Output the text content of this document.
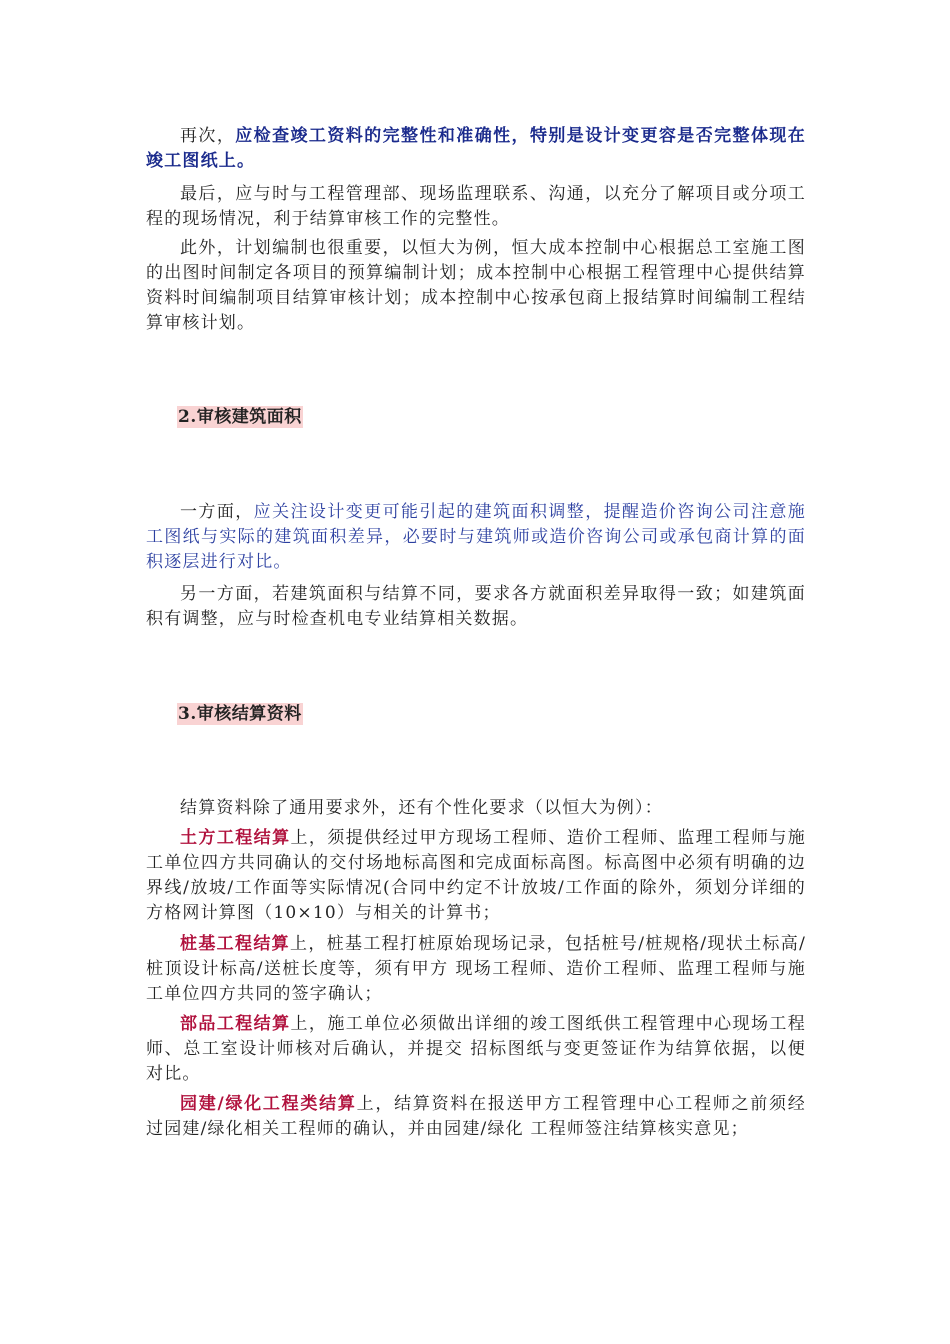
再次，应检查竣工资料的完整性和准确性，特别是设计变更容是否完整体现在竣工图纸上。

最后，应与时与工程管理部、现场监理联系、沟通，以充分了解项目或分项工程的现场情况，利于结算审核工作的完整性。

此外，计划编制也很重要，以恒大为例，恒大成本控制中心根据总工室施工图的出图时间制定各项目的预算编制计划；成本控制中心根据工程管理中心提供结算资料时间编制项目结算审核计划；成本控制中心按承包商上报结算时间编制工程结算审核计划。

2.审核建筑面积

一方面，应关注设计变更可能引起的建筑面积调整，提醒造价咨询公司注意施工图纸与实际的建筑面积差异，必要时与建筑师或造价咨询公司或承包商计算的面积逐层进行对比。

另一方面，若建筑面积与结算不同，要求各方就面积差异取得一致；如建筑面积有调整，应与时检查机电专业结算相关数据。

3.审核结算资料

结算资料除了通用要求外，还有个性化要求（以恒大为例）：

土方工程结算上，须提供经过甲方现场工程师、造价工程师、监理工程师与施工单位四方共同确认的交付场地标高图和完成面标高图。标高图中必须有明确的边界线/放坡/工作面等实际情况(合同中约定不计放坡/工作面的除外，须划分详细的方格网计算图（10×10）与相关的计算书；

桩基工程结算上，桩基工程打桩原始现场记录，包括桩号/桩规格/现状土标高/桩顶设计标高/送桩长度等，须有甲方 现场工程师、造价工程师、监理工程师与施工单位四方共同的签字确认；

部品工程结算上，施工单位必须做出详细的竣工图纸供工程管理中心现场工程师、总工室设计师核对后确认，并提交 招标图纸与变更签证作为结算依据，以便对比。

园建/绿化工程类结算上，结算资料在报送甲方工程管理中心工程师之前须经过园建/绿化相关工程师的确认，并由园建/绿化 工程师签注结算核实意见；
